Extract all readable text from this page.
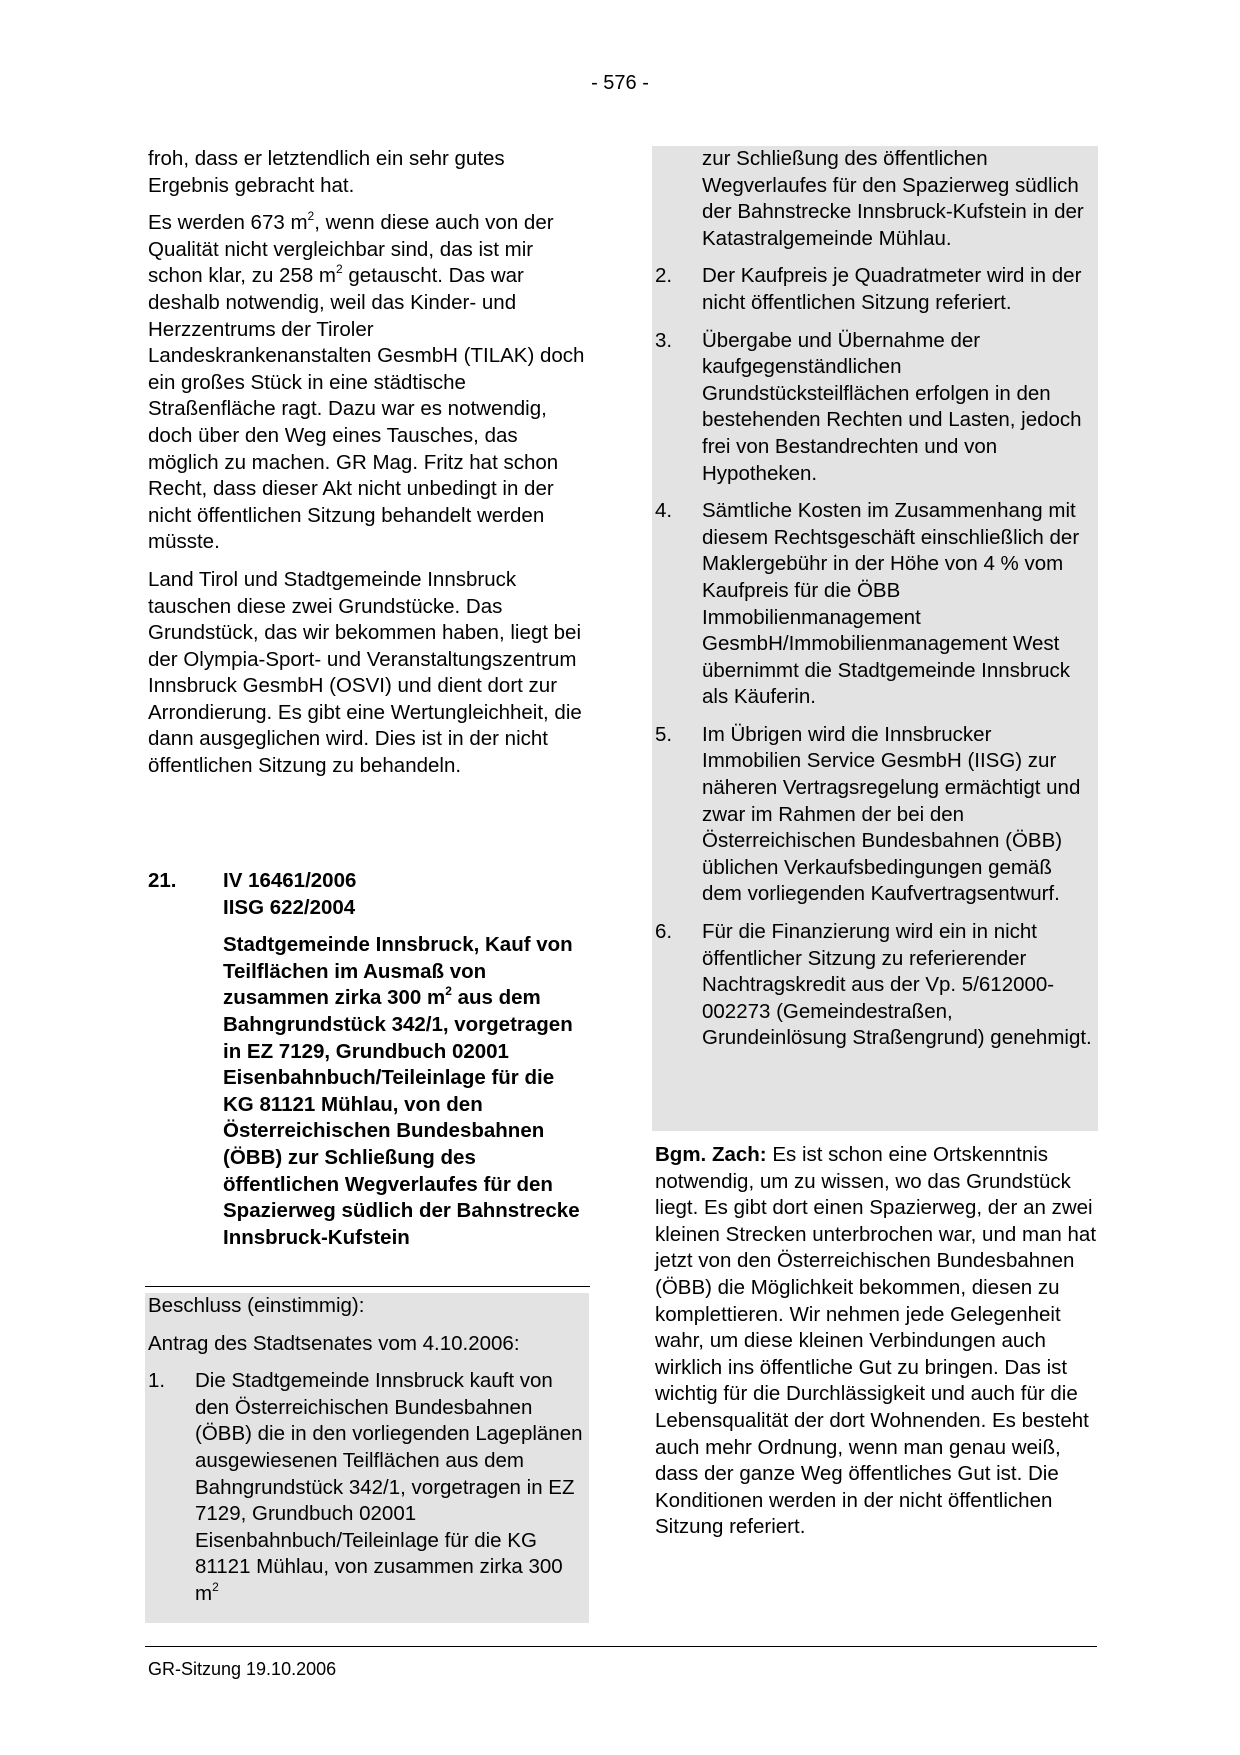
- 576 -

froh, dass er letztendlich ein sehr gutes Ergebnis gebracht hat.

Es werden 673 $m^2$, wenn diese auch von der Qualität nicht vergleichbar sind, das ist mir schon klar, zu 258 $m^2$ getauscht. Das war deshalb notwendig, weil das Kinder- und Herzzentrums der Tiroler Landeskrankenanstalten GesmbH (TILAK) doch ein großes Stück in eine städtische Straßenfläche ragt. Dazu war es notwendig, doch über den Weg eines Tausches, das möglich zu machen. GR Mag. Fritz hat schon Recht, dass dieser Akt nicht unbedingt in der nicht öffentlichen Sitzung behandelt werden müsste.

Land Tirol und Stadtgemeinde Innsbruck tauschen diese zwei Grundstücke. Das Grundstück, das wir bekommen haben, liegt bei der Olympia-Sport- und Veranstaltungszentrum Innsbruck GesmbH (OSVI) und dient dort zur Arrondierung. Es gibt eine Wertungleichheit, die dann ausgeglichen wird. Dies ist in der nicht öffentlichen Sitzung zu behandeln.

21.	IV 16461/2006
IISG 622/2004
Stadtgemeinde Innsbruck, Kauf von Teilflächen im Ausmaß von zusammen zirka 300 $m^2$ aus dem Bahngrundstück 342/1, vorgetragen in EZ 7129, Grundbuch 02001 Eisenbahnbuch/Teileinlage für die KG 81121 Mühlau, von den Österreichischen Bundesbahnen (ÖBB) zur Schließung des öffentlichen Wegverlaufes für den Spazierweg südlich der Bahnstrecke Innsbruck-Kufstein

Beschluss (einstimmig):

Antrag des Stadtsenates vom 4.10.2006:

1.	Die Stadtgemeinde Innsbruck kauft von den Österreichischen Bundesbahnen (ÖBB) die in den vorliegenden Lageplänen ausgewiesenen Teilflächen aus dem Bahngrundstück 342/1, vorgetragen in EZ 7129, Grundbuch 02001 Eisenbahnbuch/Teileinlage für die KG 81121 Mühlau, von zusammen zirka 300 $m^2$

zur Schließung des öffentlichen Wegverlaufes für den Spazierweg südlich der Bahnstrecke Innsbruck-Kufstein in der Katastralgemeinde Mühlau.

2.	Der Kaufpreis je Quadratmeter wird in der nicht öffentlichen Sitzung referiert.
3.	Übergabe und Übernahme der kaufgegenständlichen Grundstücksteilflächen erfolgen in den bestehenden Rechten und Lasten, jedoch frei von Bestandrechten und von Hypotheken.
4.	Sämtliche Kosten im Zusammenhang mit diesem Rechtsgeschäft einschließlich der Maklergebühr in der Höhe von 4 % vom Kaufpreis für die ÖBB Immobilienmanagement GesmbH/Immobilienmanagement West übernimmt die Stadtgemeinde Innsbruck als Käuferin.
5.	Im Übrigen wird die Innsbrucker Immobilien Service GesmbH (IISG) zur näheren Vertragsregelung ermächtigt und zwar im Rahmen der bei den Österreichischen Bundesbahnen (ÖBB) üblichen Verkaufsbedingungen gemäß dem vorliegenden Kaufvertragsentwurf.
6.	Für die Finanzierung wird ein in nicht öffentlicher Sitzung zu referierender Nachtragskredit aus der Vp. 5/612000-002273 (Gemeindestraßen, Grundeinlösung Straßengrund) genehmigt.
Bgm. Zach: Es ist schon eine Ortskenntnis notwendig, um zu wissen, wo das Grundstück liegt. Es gibt dort einen Spazierweg, der an zwei kleinen Strecken unterbrochen war, und man hat jetzt von den Österreichischen Bundesbahnen (ÖBB) die Möglichkeit bekommen, diesen zu komplettieren. Wir nehmen jede Gelegenheit wahr, um diese kleinen Verbindungen auch wirklich ins öffentliche Gut zu bringen. Das ist wichtig für die Durchlässigkeit und auch für die Lebensqualität der dort Wohnenden. Es besteht auch mehr Ordnung, wenn man genau weiß, dass der ganze Weg öffentliches Gut ist. Die Konditionen werden in der nicht öffentlichen Sitzung referiert.
GR-Sitzung 19.10.2006
